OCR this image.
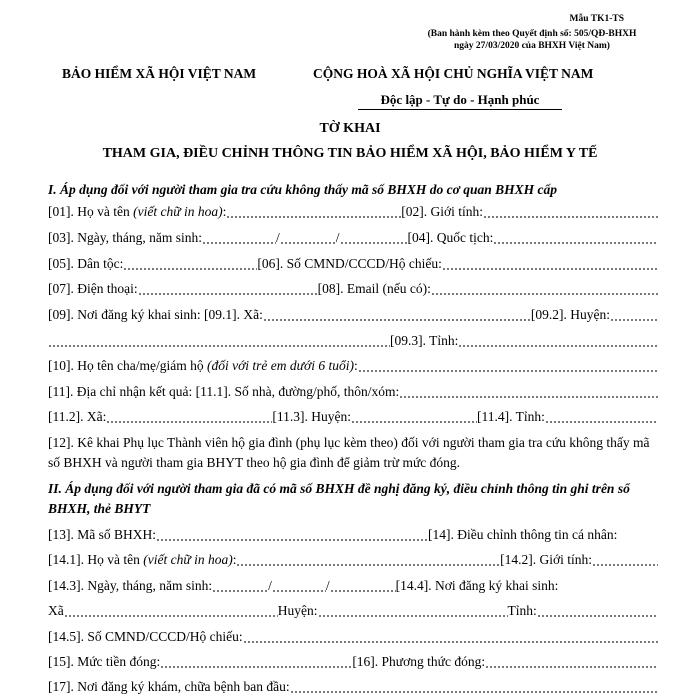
Mẫu TK1-TS
(Ban hành kèm theo Quyết định số: 505/QĐ-BHXH
ngày 27/03/2020 của BHXH Việt Nam)
BẢO HIỂM XÃ HỘI VIỆT NAM	CỘNG HOÀ XÃ HỘI CHỦ NGHĨA VIỆT NAM
Độc lập - Tự do - Hạnh phúc
TỜ KHAI
THAM GIA, ĐIỀU CHỈNH THÔNG TIN BẢO HIỂM XÃ HỘI, BẢO HIỂM Y TẾ
I. Áp dụng đối với người tham gia tra cứu không thấy mã số BHXH do cơ quan BHXH cấp
[01]. Họ và tên (viết chữ in hoa):	[02]. Giới tính:
[03]. Ngày, tháng, năm sinh:	/	/	[04]. Quốc tịch:
[05]. Dân tộc:	[06]. Số CMND/CCCD/Hộ chiếu:
[07]. Điện thoại:	[08]. Email (nếu có):
[09]. Nơi đăng ký khai sinh: [09.1]. Xã:	[09.2]. Huyện:
[09.3]. Tỉnh:
[10]. Họ tên cha/mẹ/giám hộ (đối với trẻ em dưới 6 tuổi):
[11]. Địa chỉ nhận kết quả: [11.1]. Số nhà, đường/phố, thôn/xóm:
[11.2]. Xã:	[11.3]. Huyện:	[11.4]. Tỉnh:
[12]. Kê khai Phụ lục Thành viên hộ gia đình (phụ lục kèm theo) đối với người tham gia tra cứu không thấy mã số BHXH và người tham gia BHYT theo hộ gia đình để giảm trừ mức đóng.
II. Áp dụng đối với người tham gia đã có mã số BHXH đề nghị đăng ký, điều chỉnh thông tin ghi trên sổ BHXH, thẻ BHYT
[13]. Mã số BHXH:	[14]. Điều chỉnh thông tin cá nhân:
[14.1]. Họ và tên (viết chữ in hoa):	[14.2]. Giới tính:
[14.3]. Ngày, tháng, năm sinh:	/	/	[14.4]. Nơi đăng ký khai sinh:
Xã	Huyện:	Tỉnh:
[14.5]. Số CMND/CCCD/Hộ chiếu:
[15]. Mức tiền đóng:	[16]. Phương thức đóng:
[17]. Nơi đăng ký khám, chữa bệnh ban đầu:
